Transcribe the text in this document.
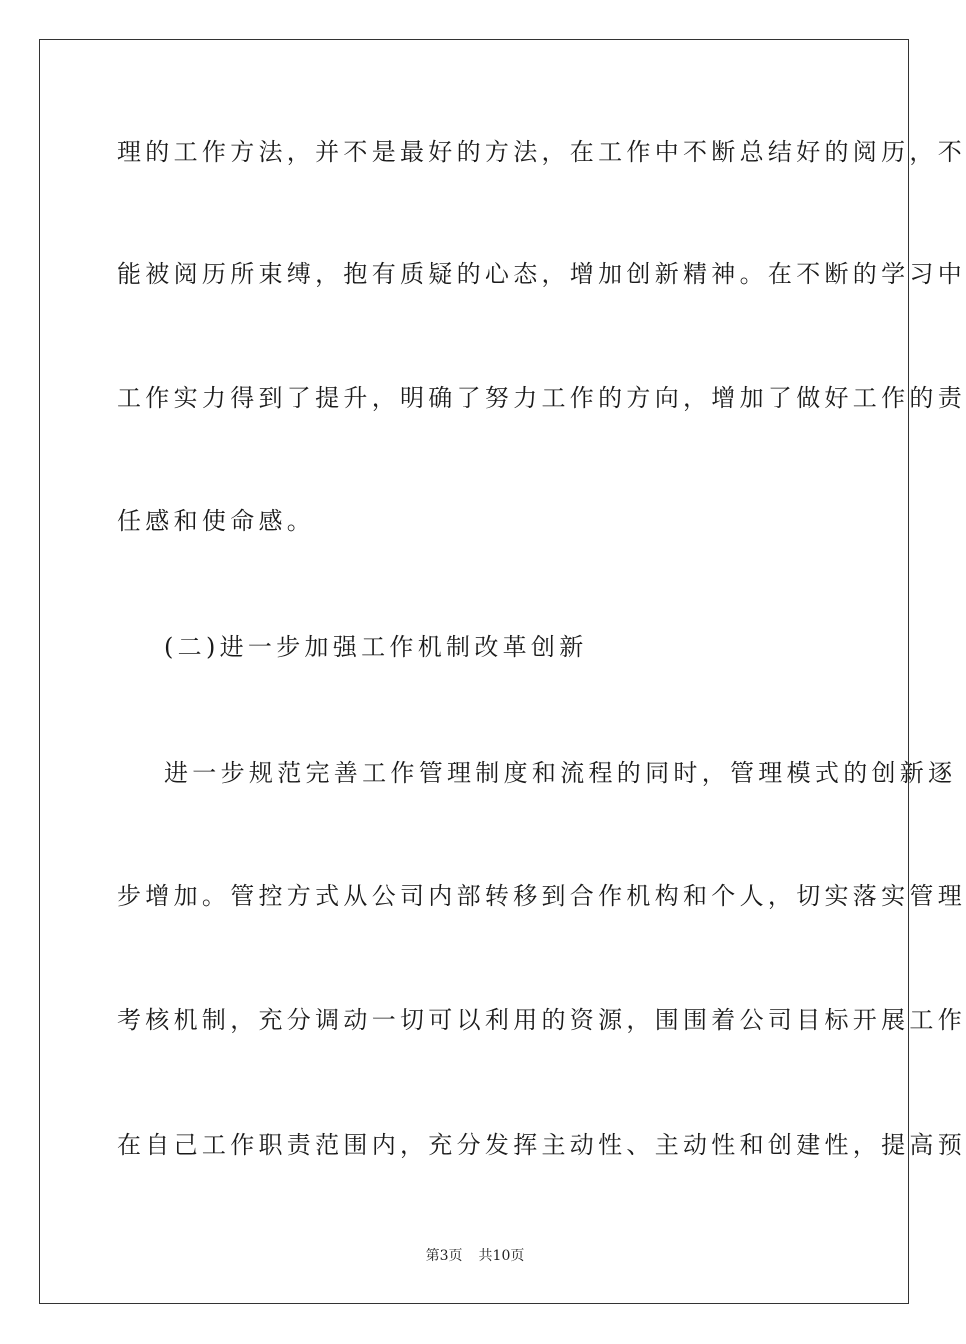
理的工作方法，并不是最好的方法，在工作中不断总结好的阅历，不
能被阅历所束缚，抱有质疑的心态，增加创新精神。在不断的学习中
工作实力得到了提升，明确了努力工作的方向，增加了做好工作的责
任感和使命感。
(二)进一步加强工作机制改革创新
进一步规范完善工作管理制度和流程的同时，管理模式的创新逐
步增加。管控方式从公司内部转移到合作机构和个人，切实落实管理
考核机制，充分调动一切可以利用的资源，围围着公司目标开展工作
在自己工作职责范围内，充分发挥主动性、主动性和创建性，提高预
第3页 共10页
